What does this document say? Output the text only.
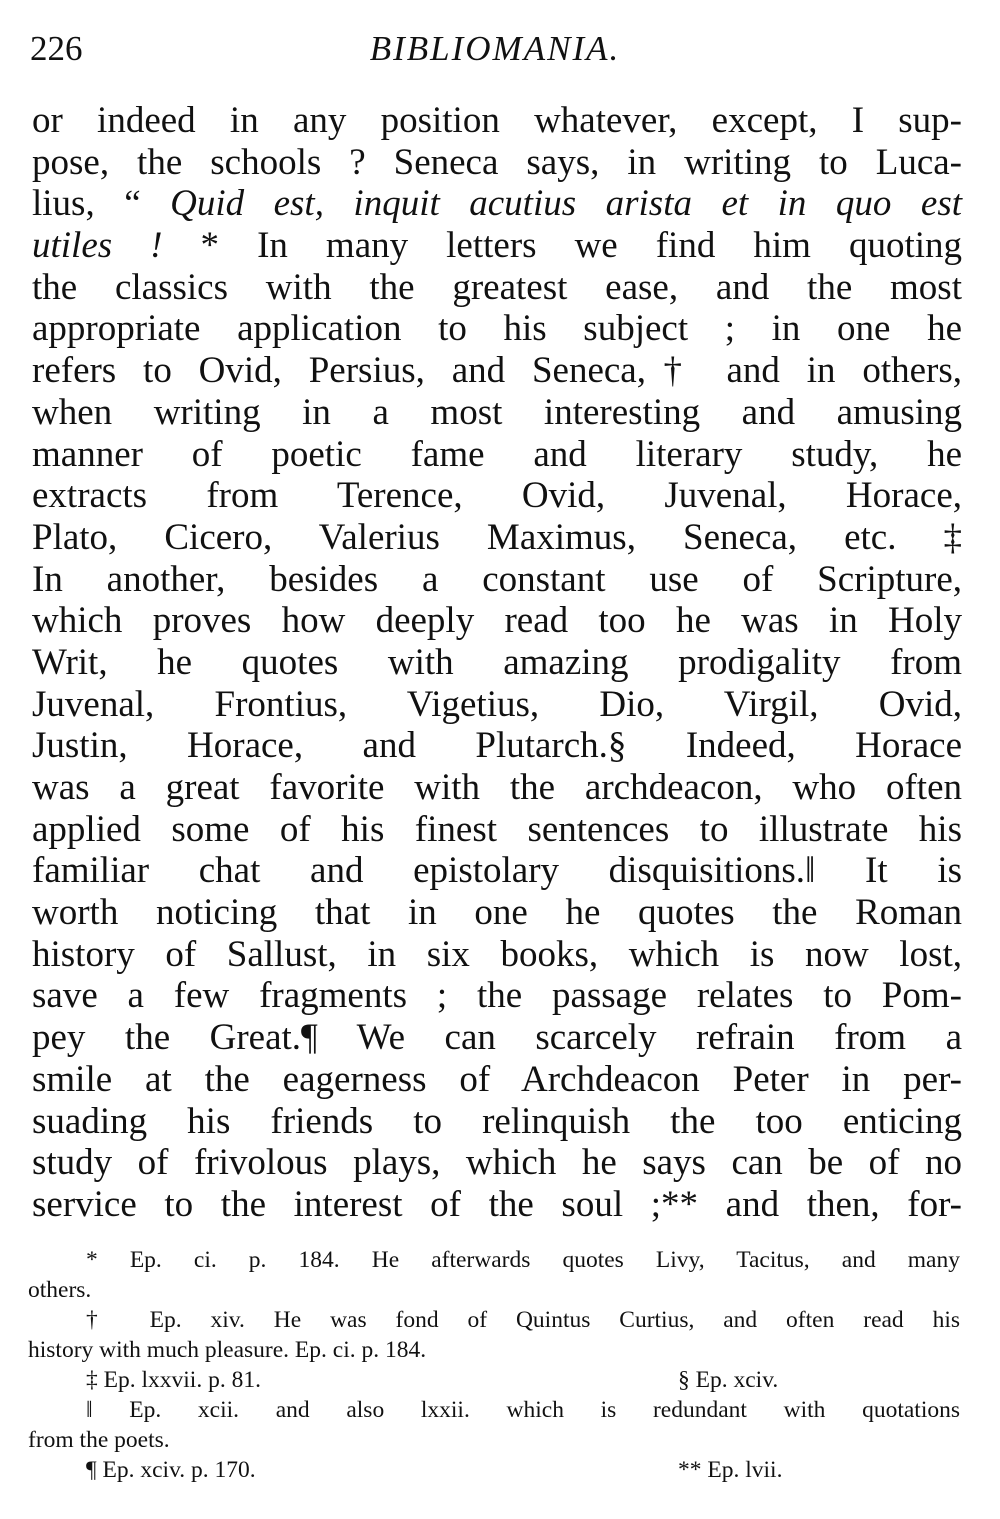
226	BIBLIOMANIA.
or indeed in any position whatever, except, I sup-
pose, the schools ? Seneca says, in writing to Luca-
lius, “ Quid est, inquit acutius arista et in quo est
utiles ! * In many letters we find him quoting
the classics with the greatest ease, and the most
appropriate application to his subject ; in one he
refers to Ovid, Persius, and Seneca,† and in others,
when writing in a most interesting and amusing
manner of poetic fame and literary study, he
extracts from Terence, Ovid, Juvenal, Horace,
Plato, Cicero, Valerius Maximus, Seneca, etc. ‡
In another, besides a constant use of Scripture,
which proves how deeply read too he was in Holy
Writ, he quotes with amazing prodigality from
Juvenal, Frontius, Vigetius, Dio, Virgil, Ovid,
Justin, Horace, and Plutarch.§ Indeed, Horace
was a great favorite with the archdeacon, who often
applied some of his finest sentences to illustrate his
familiar chat and epistolary disquisitions.‖ It is
worth noticing that in one he quotes the Roman
history of Sallust, in six books, which is now lost,
save a few fragments ; the passage relates to Pom-
pey the Great.¶ We can scarcely refrain from a
smile at the eagerness of Archdeacon Peter in per-
suading his friends to relinquish the too enticing
study of frivolous plays, which he says can be of no
service to the interest of the soul ;** and then, for-
* Ep. ci. p. 184. He afterwards quotes Livy, Tacitus, and many
others.
† Ep. xiv. He was fond of Quintus Curtius, and often read his
history with much pleasure. Ep. ci. p. 184.
‡ Ep. lxxvii. p. 81.	§ Ep. xciv.
‖ Ep. xcii. and also lxxii. which is redundant with quotations
from the poets.
¶ Ep. xciv. p. 170.	** Ep. lvii.
